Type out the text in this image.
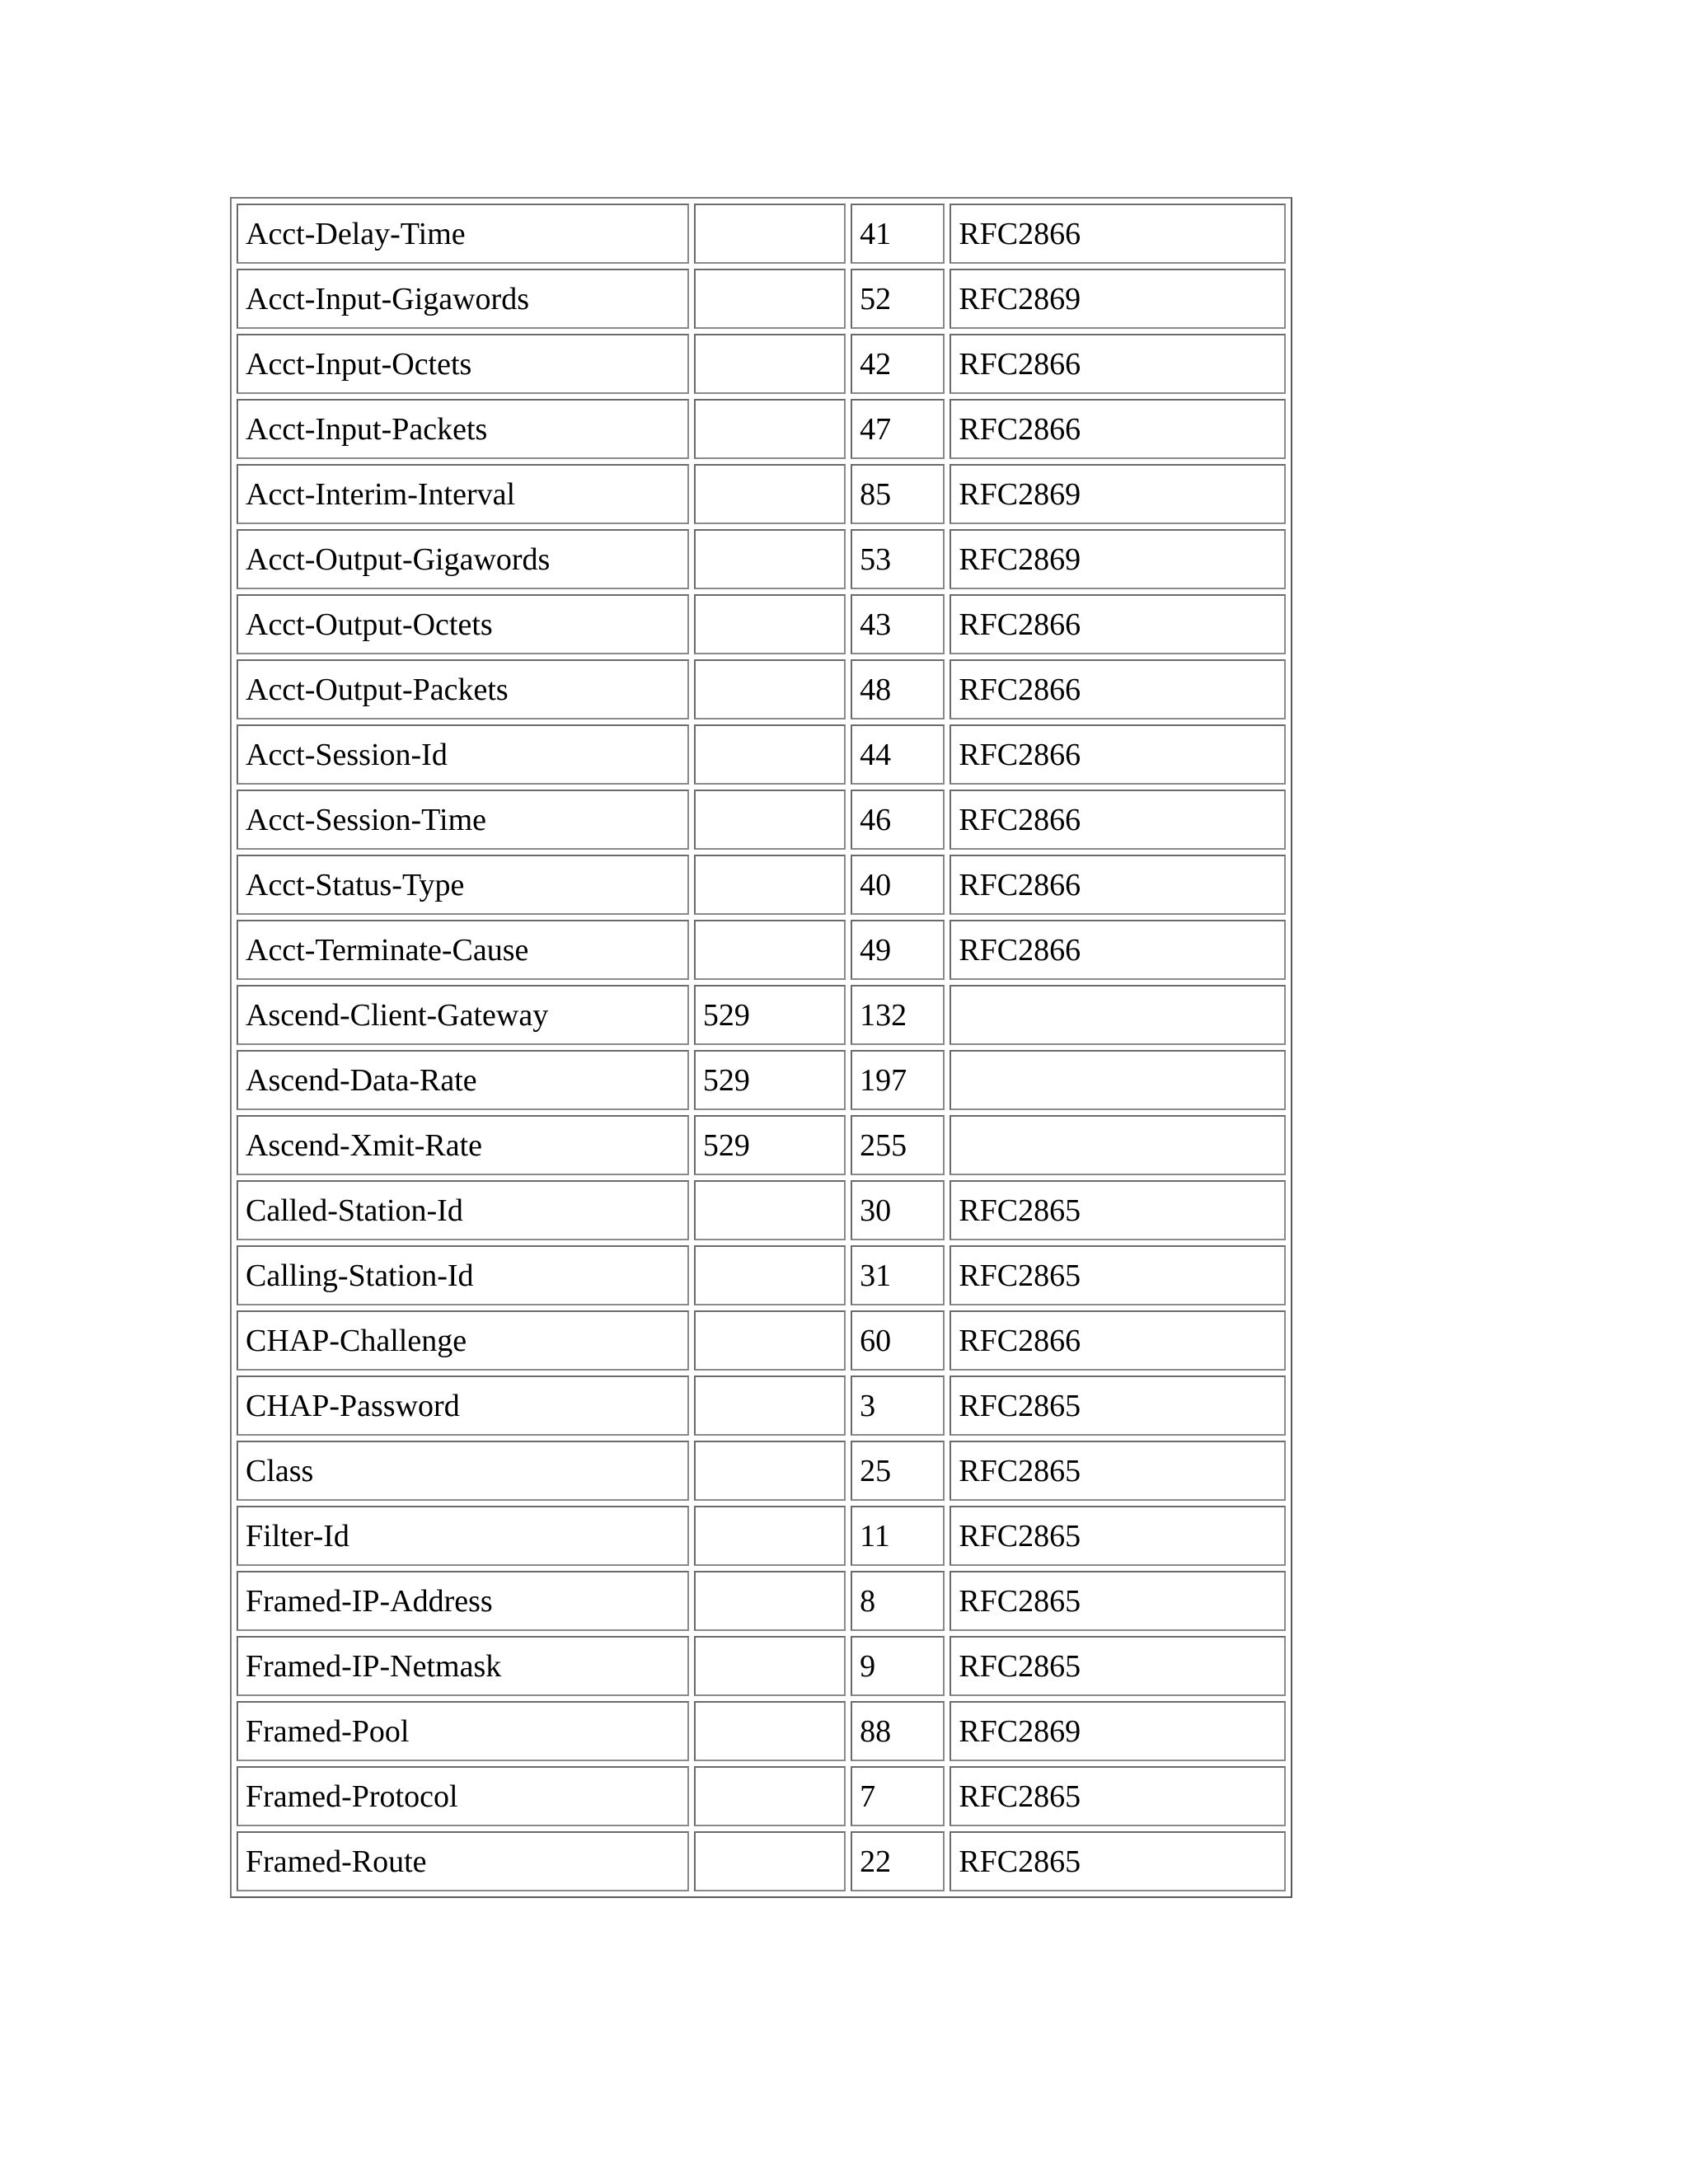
Acct-Delay-Time		41	RFC2866
Acct-Input-Gigawords		52	RFC2869
Acct-Input-Octets		42	RFC2866
Acct-Input-Packets		47	RFC2866
Acct-Interim-Interval		85	RFC2869
Acct-Output-Gigawords		53	RFC2869
Acct-Output-Octets		43	RFC2866
Acct-Output-Packets		48	RFC2866
Acct-Session-Id		44	RFC2866
Acct-Session-Time		46	RFC2866
Acct-Status-Type		40	RFC2866
Acct-Terminate-Cause		49	RFC2866
Ascend-Client-Gateway	529	132	
Ascend-Data-Rate	529	197	
Ascend-Xmit-Rate	529	255	
Called-Station-Id		30	RFC2865
Calling-Station-Id		31	RFC2865
CHAP-Challenge		60	RFC2866
CHAP-Password		3	RFC2865
Class		25	RFC2865
Filter-Id		11	RFC2865
Framed-IP-Address		8	RFC2865
Framed-IP-Netmask		9	RFC2865
Framed-Pool		88	RFC2869
Framed-Protocol		7	RFC2865
Framed-Route		22	RFC2865
